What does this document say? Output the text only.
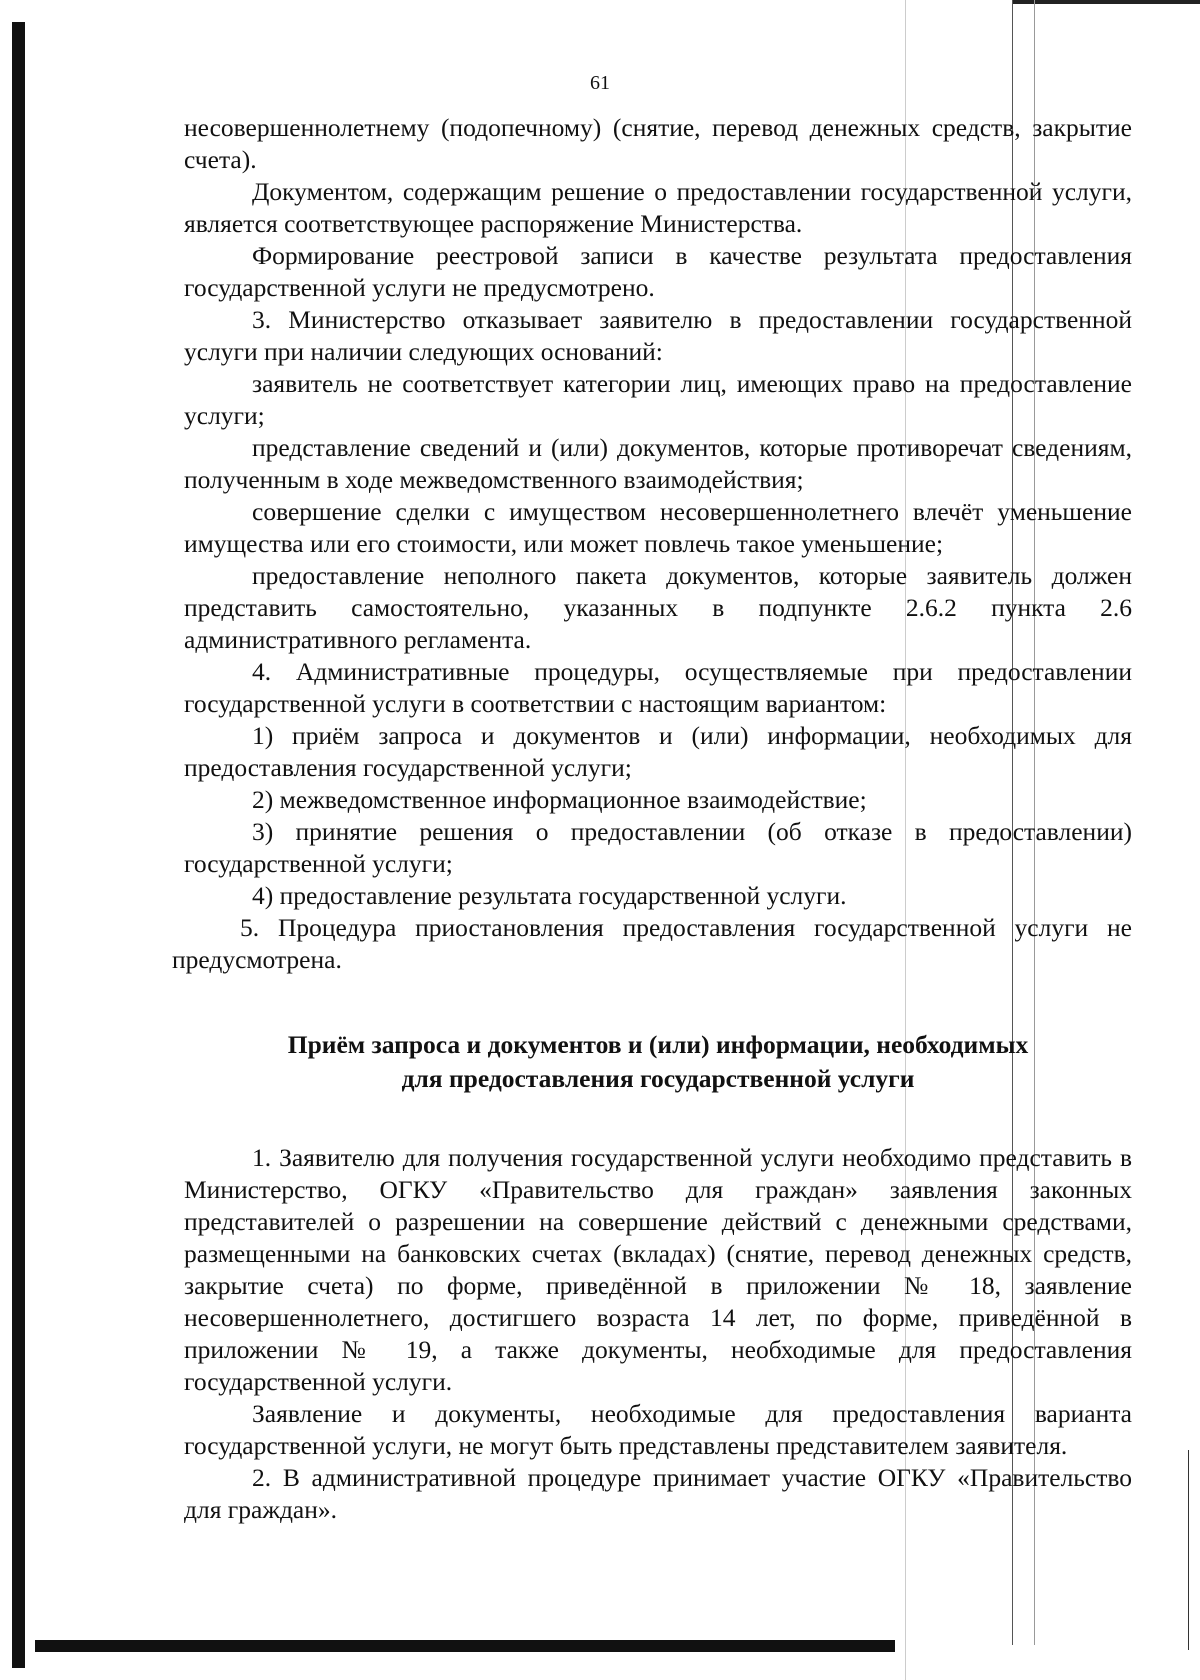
61

несовершеннолетнему (подопечному) (снятие, перевод денежных средств, закрытие счета).

Документом, содержащим решение о предоставлении государственной услуги, является соответствующее распоряжение Министерства.

Формирование реестровой записи в качестве результата предоставления государственной услуги не предусмотрено.

3. Министерство отказывает заявителю в предоставлении государственной услуги при наличии следующих оснований:

заявитель не соответствует категории лиц, имеющих право на предоставление услуги;

представление сведений и (или) документов, которые противоречат сведениям, полученным в ходе межведомственного взаимодействия;

совершение сделки с имуществом несовершеннолетнего влечёт уменьшение имущества или его стоимости, или может повлечь такое уменьшение;

предоставление неполного пакета документов, которые заявитель должен представить самостоятельно, указанных в подпункте 2.6.2 пункта 2.6 административного регламента.

4. Административные процедуры, осуществляемые при предоставлении государственной услуги в соответствии с настоящим вариантом:

1) приём запроса и документов и (или) информации, необходимых для предоставления государственной услуги;

2) межведомственное информационное взаимодействие;

3) принятие решения о предоставлении (об отказе в предоставлении) государственной услуги;

4) предоставление результата государственной услуги.

5. Процедура приостановления предоставления государственной услуги не предусмотрена.

Приём запроса и документов и (или) информации, необходимых
для предоставления государственной услуги

1. Заявителю для получения государственной услуги необходимо представить в Министерство, ОГКУ «Правительство для граждан» заявления законных представителей о разрешении на совершение действий с денежными средствами, размещенными на банковских счетах (вкладах) (снятие, перевод денежных средств, закрытие счета) по форме, приведённой в приложении № 18, заявление несовершеннолетнего, достигшего возраста 14 лет, по форме, приведённой в приложении № 19, а также документы, необходимые для предоставления государственной услуги.

Заявление и документы, необходимые для предоставления варианта государственной услуги, не могут быть представлены представителем заявителя.

2. В административной процедуре принимает участие ОГКУ «Правительство для граждан».
